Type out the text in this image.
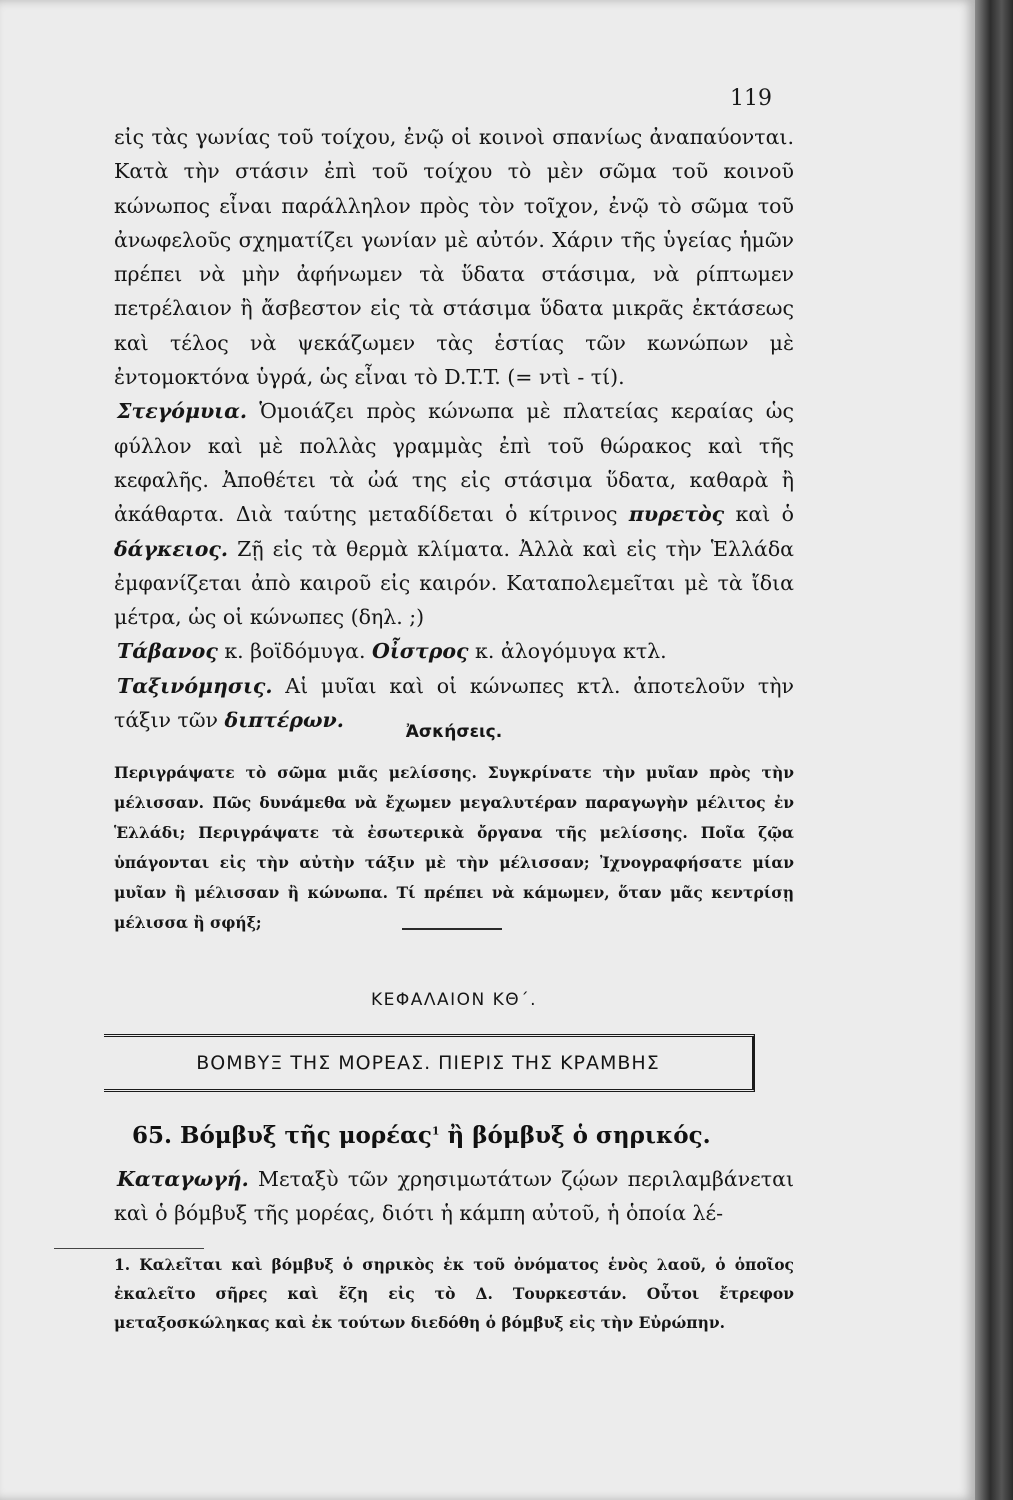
119

εἰς τὰς γωνίας τοῦ τοίχου, ἐνῷ οἱ κοινοὶ σπανίως ἀναπαύονται. Κατὰ τὴν στάσιν ἐπὶ τοῦ τοίχου τὸ μὲν σῶμα τοῦ κοινοῦ κώνωπος εἶναι παράλληλον πρὸς τὸν τοῖχον, ἐνῷ τὸ σῶμα τοῦ ἀνωφελοῦς σχηματίζει γωνίαν μὲ αὐτόν. Χάριν τῆς ὑγείας ἡμῶν πρέπει νὰ μὴν ἀφήνωμεν τὰ ὕδατα στάσιμα, νὰ ρίπτωμεν πετρέλαιον ἢ ἄσβεστον εἰς τὰ στάσιμα ὕδατα μικρᾶς ἐκτάσεως καὶ τέλος νὰ ψεκάζωμεν τὰς ἑστίας τῶν κωνώπων μὲ ἐντομοκτόνα ὑγρά, ὡς εἶναι τὸ D.T.T. (= ντὶ - τί).

Στεγόμυια. Ὁμοιάζει πρὸς κώνωπα μὲ πλατείας κεραίας ὡς φύλλον καὶ μὲ πολλὰς γραμμὰς ἐπὶ τοῦ θώρακος καὶ τῆς κεφαλῆς. Ἀποθέτει τὰ ὠά της εἰς στάσιμα ὕδατα, καθαρὰ ἢ ἀκάθαρτα. Διὰ ταύτης μεταδίδεται ὁ κίτρινος πυρετὸς καὶ ὁ δάγκειος. Ζῇ εἰς τὰ θερμὰ κλίματα. Ἀλλὰ καὶ εἰς τὴν Ἑλλάδα ἐμφανίζεται ἀπὸ καιροῦ εἰς καιρόν. Καταπολεμεῖται μὲ τὰ ἴδια μέτρα, ὡς οἱ κώνωπες (δηλ. ;)

Τάβανος κ. βοϊδόμυγα. Οἶστρος κ. ἀλογόμυγα κτλ.

Ταξινόμησις. Αἱ μυῖαι καὶ οἱ κώνωπες κτλ. ἀποτελοῦν τὴν τάξιν τῶν διπτέρων.	Ἀσκήσεις.

Περιγράψατε τὸ σῶμα μιᾶς μελίσσης. Συγκρίνατε τὴν μυῖαν πρὸς τὴν μέλισσαν. Πῶς δυνάμεθα νὰ ἔχωμεν μεγαλυτέραν παραγωγὴν μέλιτος ἐν Ἑλλάδι; Περιγράψατε τὰ ἐσωτερικὰ ὄργανα τῆς μελίσσης. Ποῖα ζῷα ὑπάγονται εἰς τὴν αὐτὴν τάξιν μὲ τὴν μέλισσαν; Ἰχνογραφήσατε μίαν μυῖαν ἢ μέλισσαν ἢ κώνωπα. Τί πρέπει νὰ κάμωμεν, ὅταν μᾶς κεντρίσῃ μέλισσα ἢ σφήξ;

ΚΕΦΑΛΑΙΟΝ ΚΘ΄.
ΒΟΜΒΥΞ ΤΗΣ ΜΟΡΕΑΣ. ΠΙΕΡΙΣ ΤΗΣ ΚΡΑΜΒΗΣ
65. Βόμβυξ τῆς μορέας$^1$ ἢ βόμβυξ ὁ σηρικός.

Καταγωγή. Μεταξὺ τῶν χρησιμωτάτων ζῴων περιλαμβάνεται καὶ ὁ βόμβυξ τῆς μορέας, διότι ἡ κάμπη αὐτοῦ, ἡ ὁποία λέ-

1. Καλεῖται καὶ βόμβυξ ὁ σηρικὸς ἐκ τοῦ ὀνόματος ἑνὸς λαοῦ, ὁ ὁποῖος ἐκαλεῖτο σῆρες καὶ ἔζη εἰς τὸ Δ. Τουρκεστάν. Οὗτοι ἔτρεφον μεταξοσκώληκας καὶ ἐκ τούτων διεδόθη ὁ βόμβυξ εἰς τὴν Εὐρώπην.
